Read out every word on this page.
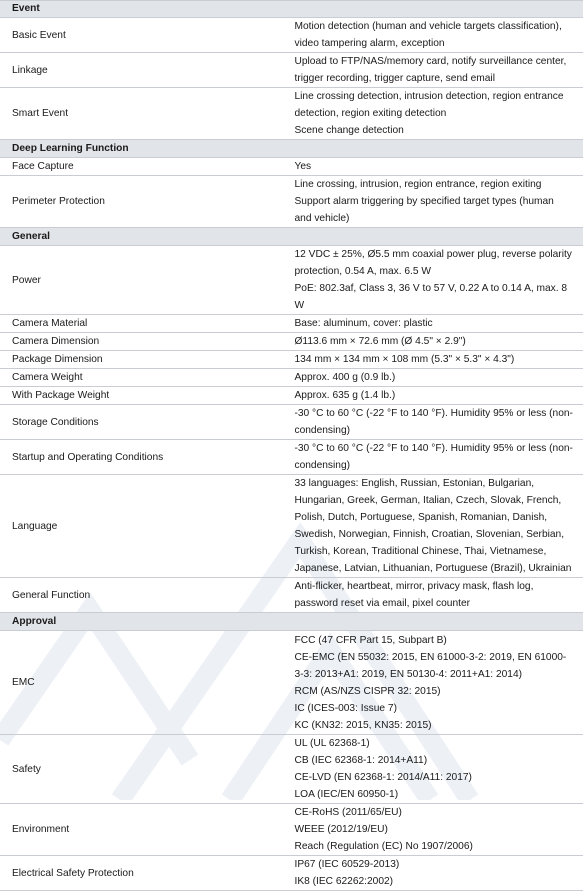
Event	
Basic Event	Motion detection (human and vehicle targets classification), video tampering alarm, exception

Linkage	Upload to FTP/NAS/memory card, notify surveillance center, trigger recording, trigger capture, send email

Smart Event	Line crossing detection, intrusion detection, region entrance detection, region exiting detection
Scene change detection

Deep Learning Function	
Face Capture	Yes

Perimeter Protection	Line crossing, intrusion, region entrance, region exiting
Support alarm triggering by specified target types (human and vehicle)

General	
Power	12 VDC ± 25%, Ø5.5 mm coaxial power plug, reverse polarity protection, 0.54 A, max. 6.5 W
PoE: 802.3af, Class 3, 36 V to 57 V, 0.22 A to 0.14 A, max. 8 W

Camera Material	Base: aluminum, cover: plastic

Camera Dimension	Ø113.6 mm × 72.6 mm (Ø 4.5" × 2.9")

Package Dimension	134 mm × 134 mm × 108 mm (5.3" × 5.3" × 4.3")

Camera Weight	Approx. 400 g (0.9 lb.)

With Package Weight	Approx. 635 g (1.4 lb.)

Storage Conditions	-30 °C to 60 °C (-22 °F to 140 °F). Humidity 95% or less (non-condensing)

Startup and Operating Conditions	-30 °C to 60 °C (-22 °F to 140 °F). Humidity 95% or less (non-condensing)

Language	33 languages: English, Russian, Estonian, Bulgarian, Hungarian, Greek, German, Italian, Czech, Slovak, French, Polish, Dutch, Portuguese, Spanish, Romanian, Danish, Swedish, Norwegian, Finnish, Croatian, Slovenian, Serbian, Turkish, Korean, Traditional Chinese, Thai, Vietnamese, Japanese, Latvian, Lithuanian, Portuguese (Brazil), Ukrainian

General Function	Anti-flicker, heartbeat, mirror, privacy mask, flash log, password reset via email, pixel counter

Approval	
EMC	FCC (47 CFR Part 15, Subpart B)
CE-EMC (EN 55032: 2015, EN 61000-3-2: 2019, EN 61000-3-3: 2013+A1: 2019, EN 50130-4: 2011+A1: 2014)
RCM (AS/NZS CISPR 32: 2015)
IC (ICES-003: Issue 7)
KC (KN32: 2015, KN35: 2015)

Safety	UL (UL 62368-1)
CB (IEC 62368-1: 2014+A11)
CE-LVD (EN 62368-1: 2014/A11: 2017)
LOA (IEC/EN 60950-1)

Environment	CE-RoHS (2011/65/EU)
WEEE (2012/19/EU)
Reach (Regulation (EC) No 1907/2006)

Electrical Safety Protection	IP67 (IEC 60529-2013)
IK8 (IEC 62262:2002)
